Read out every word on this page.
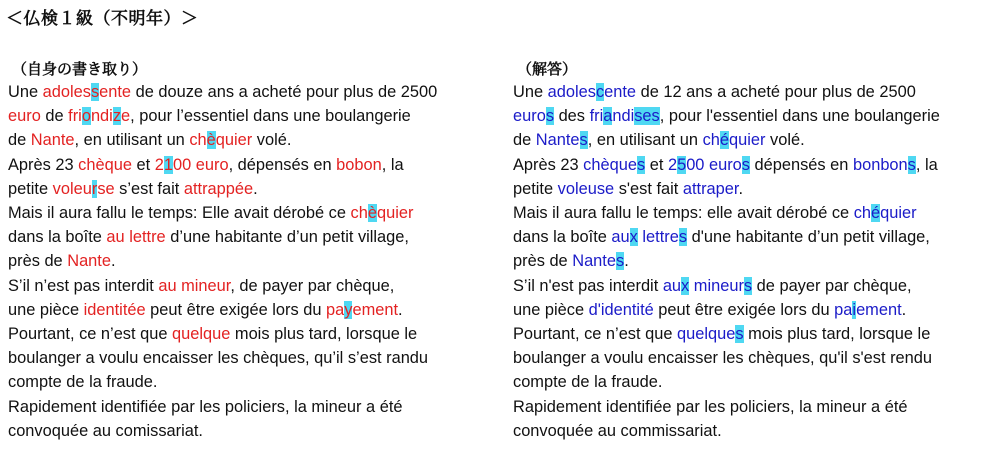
＜仏検１級（不明年）＞
（自身の書き取り）
Une adolessente de douze ans a acheté pour plus de 2500
euro de friondize, pour l’essentiel dans une boulangerie
de Nante, en utilisant un chèquier volé.
Après 23 chèque et 2100 euro, dépensés en bobon, la
petite voleurse s’est fait attrappée.
Mais il aura fallu le temps: Elle avait dérobé ce chèquier
dans la boîte au lettre d’une habitante d’un petit village,
près de Nante.
S’il n’est pas interdit au mineur, de payer par chèque,
une pièce identitée peut être exigée lors du payement.
Pourtant, ce n’est que quelque mois plus tard, lorsque le
boulanger a voulu encaisser les chèques, qu’il s’est randu
compte de la fraude.
Rapidement identifiée par les policiers, la mineur a été
convoquée au comissariat.
（解答）
Une adolescente de 12 ans a acheté pour plus de 2500
euros des friandises, pour l'essentiel dans une boulangerie
de Nantes, en utilisant un chéquier volé.
Après 23 chèques et 2500 euros dépensés en bonbons, la
petite voleuse s'est fait attraper.
Mais il aura fallu le temps: elle avait dérobé ce chéquier
dans la boîte aux lettres d'une habitante d’un petit village,
près de Nantes.
S’il n'est pas interdit aux mineurs de payer par chèque,
une pièce d'identité peut être exigée lors du paiement.
Pourtant, ce n’est que quelques mois plus tard, lorsque le
boulanger a voulu encaisser les chèques, qu'il s'est rendu
compte de la fraude.
Rapidement identifiée par les policiers, la mineur a été
convoquée au commissariat.
